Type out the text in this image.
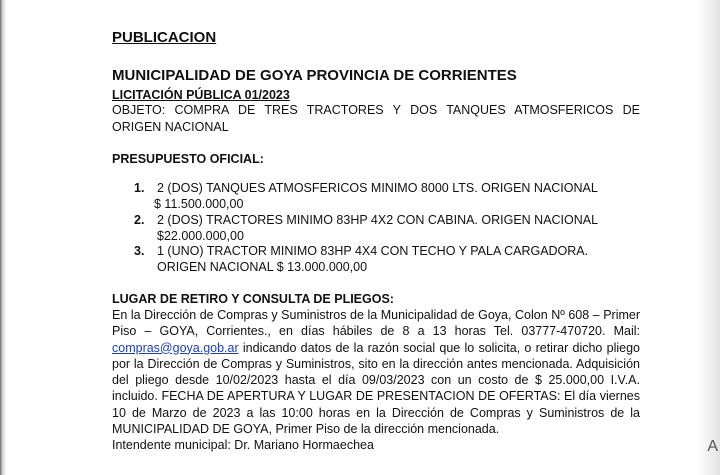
A
PUBLICACION
MUNICIPALIDAD DE GOYA PROVINCIA DE CORRIENTES
LICITACIÓN PÚBLICA 01/2023
OBJETO: COMPRA DE TRES TRACTORES Y DOS TANQUES ATMOSFERICOS DE ORIGEN NACIONAL
PRESUPUESTO OFICIAL:
1. 2 (DOS) TANQUES ATMOSFERICOS MINIMO 8000 LTS. ORIGEN NACIONAL
$ 11.500.000,00
2. 2 (DOS) TRACTORES MINIMO 83HP 4X2 CON CABINA. ORIGEN NACIONAL
$22.000.000,00
3. 1 (UNO) TRACTOR MINIMO 83HP 4X4 CON TECHO Y PALA CARGADORA.
ORIGEN NACIONAL $ 13.000.000,00
LUGAR DE RETIRO Y CONSULTA DE PLIEGOS:
En la Dirección de Compras y Suministros de la Municipalidad de Goya, Colon Nº 608 – Primer Piso – GOYA, Corrientes., en días hábiles de 8 a 13 horas Tel. 03777-470720. Mail: compras@goya.gob.ar indicando datos de la razón social que lo solicita, o retirar dicho pliego por la Dirección de Compras y Suministros, sito en la dirección antes mencionada. Adquisición del pliego desde 10/02/2023 hasta el día 09/03/2023 con un costo de $ 25.000,00 I.V.A. incluido. FECHA DE APERTURA Y LUGAR DE PRESENTACION DE OFERTAS: El día viernes 10 de Marzo de 2023 a las 10:00 horas en la Dirección de Compras y Suministros de la MUNICIPALIDAD DE GOYA, Primer Piso de la dirección mencionada.
Intendente municipal: Dr. Mariano Hormaechea
